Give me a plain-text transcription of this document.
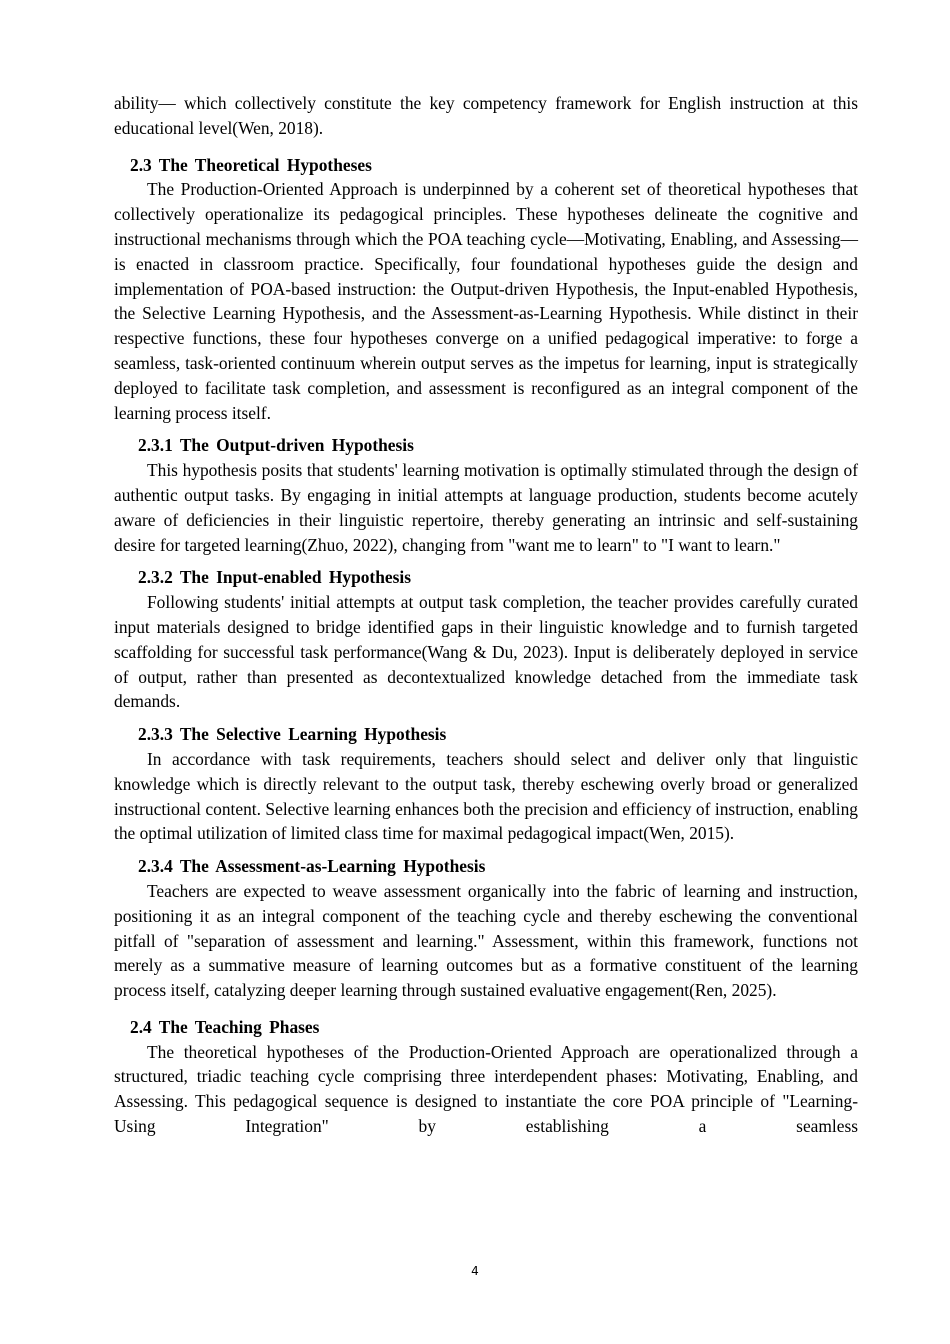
ability— which collectively constitute the key competency framework for English instruction at this educational level(Wen, 2018).

2.3 The Theoretical Hypotheses

The Production-Oriented Approach is underpinned by a coherent set of theoretical hypotheses that collectively operationalize its pedagogical principles. These hypotheses delineate the cognitive and instructional mechanisms through which the POA teaching cycle—Motivating, Enabling, and Assessing—is enacted in classroom practice. Specifically, four foundational hypotheses guide the design and implementation of POA-based instruction: the Output-driven Hypothesis, the Input-enabled Hypothesis, the Selective Learning Hypothesis, and the Assessment-as-Learning Hypothesis. While distinct in their respective functions, these four hypotheses converge on a unified pedagogical imperative: to forge a seamless, task-oriented continuum wherein output serves as the impetus for learning, input is strategically deployed to facilitate task completion, and assessment is reconfigured as an integral component of the learning process itself.

2.3.1 The Output-driven Hypothesis

This hypothesis posits that students' learning motivation is optimally stimulated through the design of authentic output tasks. By engaging in initial attempts at language production, students become acutely aware of deficiencies in their linguistic repertoire, thereby generating an intrinsic and self-sustaining desire for targeted learning(Zhuo, 2022), changing from "want me to learn" to "I want to learn."

2.3.2 The Input-enabled Hypothesis

Following students' initial attempts at output task completion, the teacher provides carefully curated input materials designed to bridge identified gaps in their linguistic knowledge and to furnish targeted scaffolding for successful task performance(Wang & Du, 2023). Input is deliberately deployed in service of output, rather than presented as decontextualized knowledge detached from the immediate task demands.

2.3.3 The Selective Learning Hypothesis

In accordance with task requirements, teachers should select and deliver only that linguistic knowledge which is directly relevant to the output task, thereby eschewing overly broad or generalized instructional content. Selective learning enhances both the precision and efficiency of instruction, enabling the optimal utilization of limited class time for maximal pedagogical impact(Wen, 2015).

2.3.4 The Assessment-as-Learning Hypothesis

Teachers are expected to weave assessment organically into the fabric of learning and instruction, positioning it as an integral component of the teaching cycle and thereby eschewing the conventional pitfall of "separation of assessment and learning." Assessment, within this framework, functions not merely as a summative measure of learning outcomes but as a formative constituent of the learning process itself, catalyzing deeper learning through sustained evaluative engagement(Ren, 2025).

2.4 The Teaching Phases

The theoretical hypotheses of the Production-Oriented Approach are operationalized through a structured, triadic teaching cycle comprising three interdependent phases: Motivating, Enabling, and Assessing. This pedagogical sequence is designed to instantiate the core POA principle of "Learning-Using Integration" by establishing a seamless

4
